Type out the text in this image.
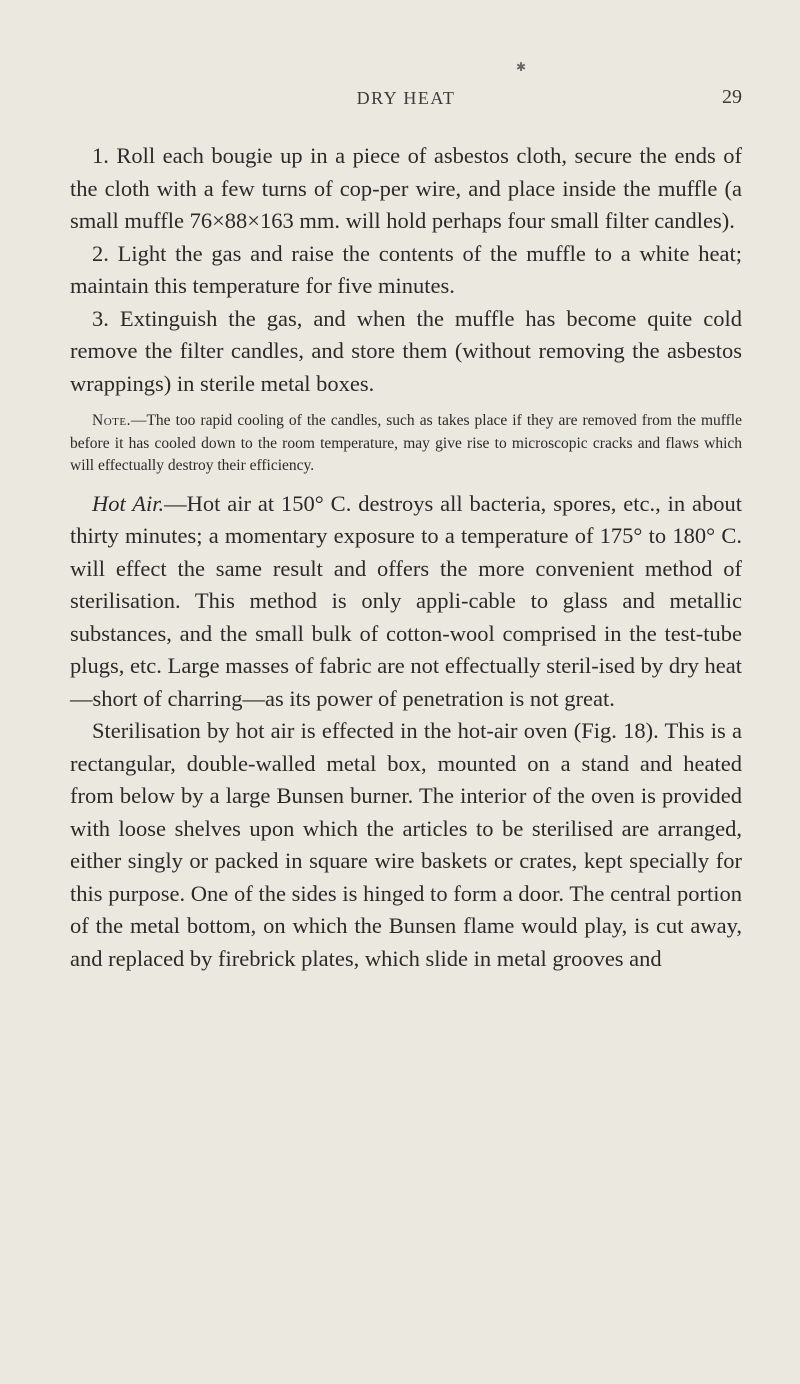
✱
DRY HEAT	29

1. Roll each bougie up in a piece of asbestos cloth, secure the ends of the cloth with a few turns of cop-per wire, and place inside the muffle (a small muffle 76×88×163 mm. will hold perhaps four small filter candles).

2. Light the gas and raise the contents of the muffle to a white heat; maintain this temperature for five minutes.

3. Extinguish the gas, and when the muffle has become quite cold remove the filter candles, and store them (without removing the asbestos wrappings) in sterile metal boxes.

Note.—The too rapid cooling of the candles, such as takes place if they are removed from the muffle before it has cooled down to the room temperature, may give rise to microscopic cracks and flaws which will effectually destroy their efficiency.

Hot Air.—Hot air at 150° C. destroys all bacteria, spores, etc., in about thirty minutes; a momentary exposure to a temperature of 175° to 180° C. will effect the same result and offers the more convenient method of sterilisation. This method is only appli-cable to glass and metallic substances, and the small bulk of cotton-wool comprised in the test-tube plugs, etc. Large masses of fabric are not effectually steril-ised by dry heat—short of charring—as its power of penetration is not great.

Sterilisation by hot air is effected in the hot-air oven (Fig. 18). This is a rectangular, double-walled metal box, mounted on a stand and heated from below by a large Bunsen burner. The interior of the oven is provided with loose shelves upon which the articles to be sterilised are arranged, either singly or packed in square wire baskets or crates, kept specially for this purpose. One of the sides is hinged to form a door. The central portion of the metal bottom, on which the Bunsen flame would play, is cut away, and replaced by firebrick plates, which slide in metal grooves and
